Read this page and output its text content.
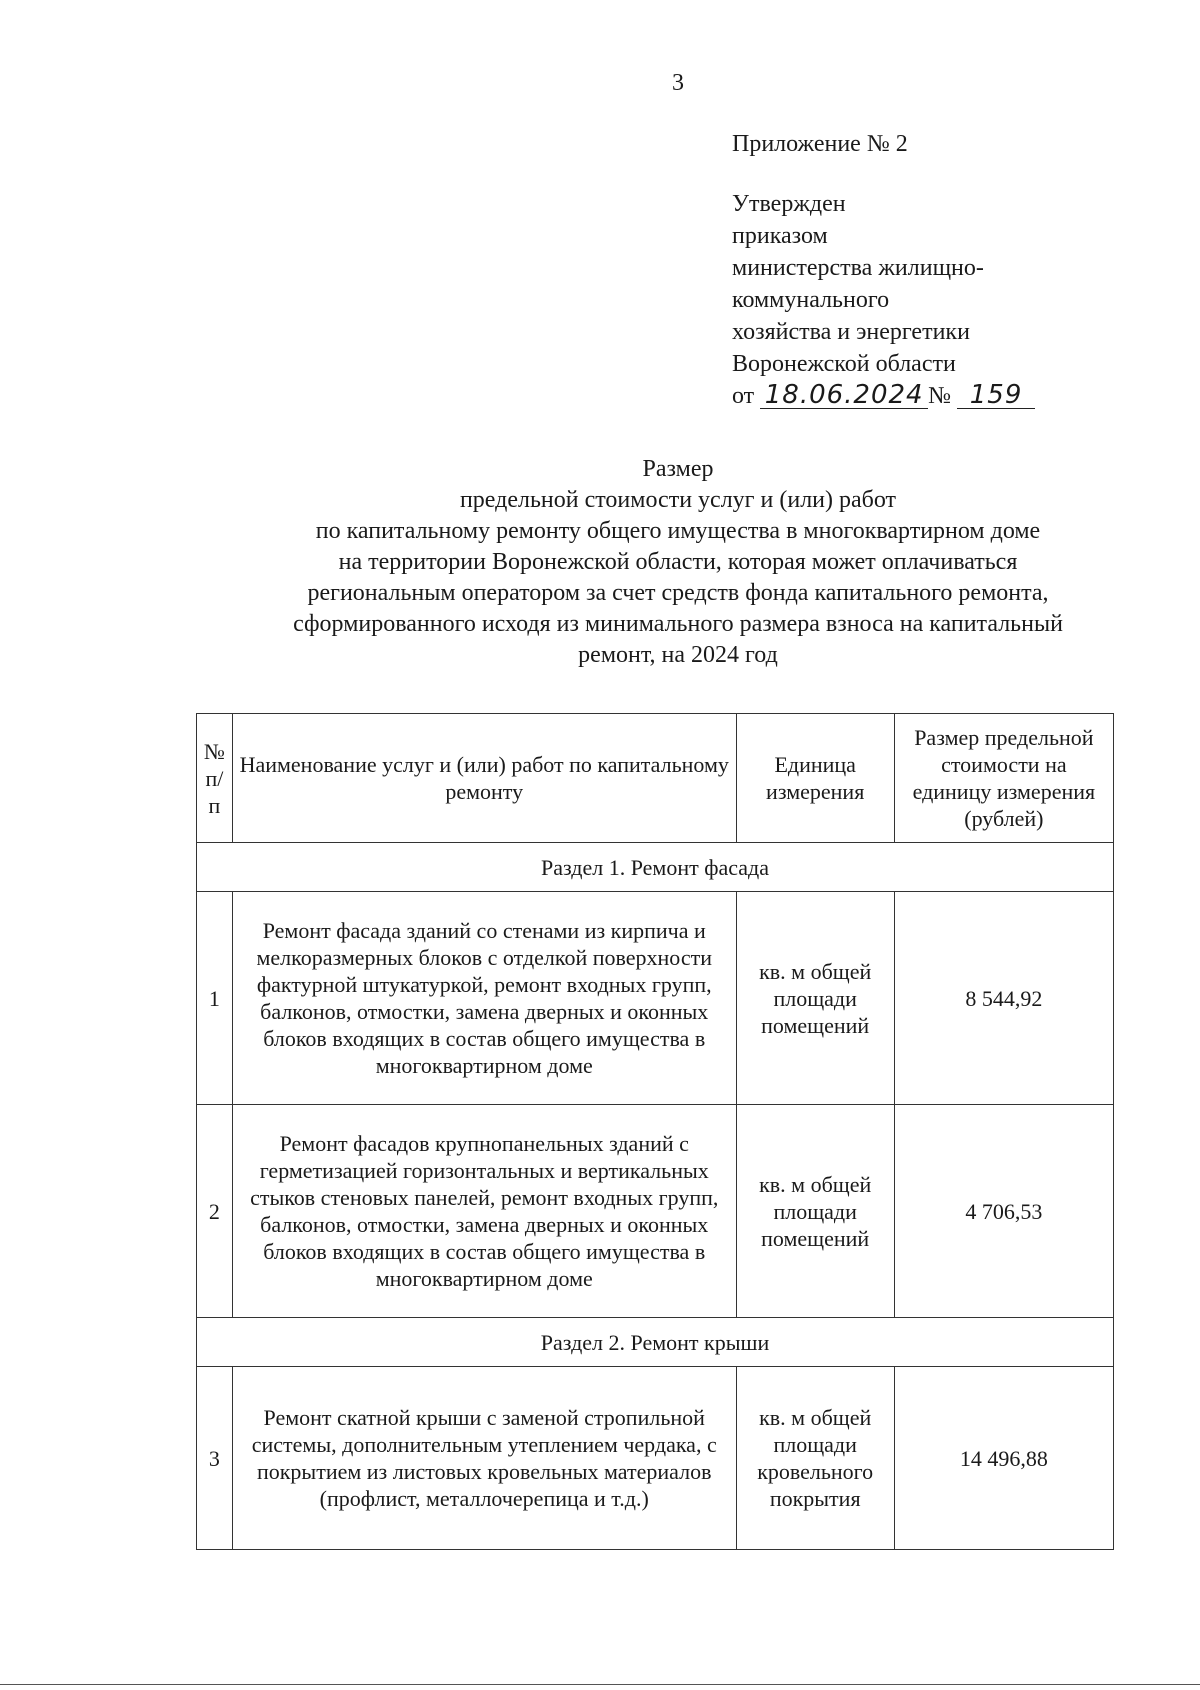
3
Приложение № 2
Утвержден
приказом
министерства жилищно-
коммунального
хозяйства и энергетики
Воронежской области
от 18.06.2024 № 159
Размер
предельной стоимости услуг и (или) работ
по капитальному ремонту общего имущества в многоквартирном доме
на территории Воронежской области, которая может оплачиваться
региональным оператором за счет средств фонда капитального ремонта,
сформированного исходя из минимального размера взноса на капитальный
ремонт, на 2024 год
№ п/п	Наименование услуг и (или) работ по капитальному ремонту	Единица измерения	Размер предельной стоимости на единицу измерения (рублей)
Раздел 1. Ремонт фасада			
1	Ремонт фасада зданий со стенами из кирпича и мелкоразмерных блоков с отделкой поверхности фактурной штукатуркой, ремонт входных групп, балконов, отмостки, замена дверных и оконных блоков входящих в состав общего имущества в многоквартирном доме	кв. м общей площади помещений	8 544,92
2	Ремонт фасадов крупнопанельных зданий с герметизацией горизонтальных и вертикальных стыков стеновых панелей, ремонт входных групп, балконов, отмостки, замена дверных и оконных блоков входящих в состав общего имущества в многоквартирном доме	кв. м общей площади помещений	4 706,53
Раздел 2. Ремонт крыши			
3	Ремонт скатной крыши с заменой стропильной системы, дополнительным утеплением чердака, с покрытием из листовых кровельных материалов (профлист, металлочерепица и т.д.)	кв. м общей площади кровельного покрытия	14 496,88
